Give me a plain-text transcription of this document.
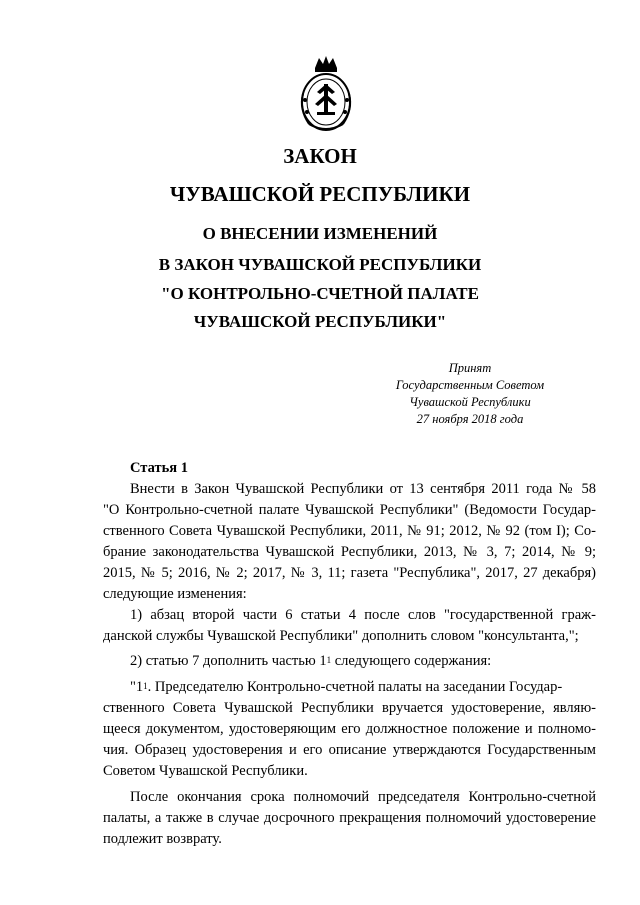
ЗАКОН
ЧУВАШСКОЙ РЕСПУБЛИКИ
О ВНЕСЕНИИ ИЗМЕНЕНИЙ
В ЗАКОН ЧУВАШСКОЙ РЕСПУБЛИКИ
"О КОНТРОЛЬНО-СЧЕТНОЙ ПАЛАТЕ
ЧУВАШСКОЙ РЕСПУБЛИКИ"
Принят
Государственным Советом
Чувашской Республики
27 ноября 2018 года
Статья 1
Внести в Закон Чувашской Республики от 13 сентября 2011 года № 58
"О Контрольно-счетной палате Чувашской Республики" (Ведомости Государ-
ственного Совета Чувашской Республики, 2011, № 91; 2012, № 92 (том I); Со-
брание законодательства Чувашской Республики, 2013, № 3, 7; 2014, № 9;
2015, № 5; 2016, № 2; 2017, № 3, 11; газета "Республика", 2017, 27 декабря)
следующие изменения:
1) абзац второй части 6 статьи 4 после слов "государственной граж-
данской службы Чувашской Республики" дополнить словом "консультанта,";
2) статью 7 дополнить частью $1^1$ следующего содержания:
"$1^1$. Председателю Контрольно-счетной палаты на заседании Государ-
ственного Совета Чувашской Республики вручается удостоверение, являю-
щееся документом, удостоверяющим его должностное положение и полномо-
чия. Образец удостоверения и его описание утверждаются Государственным
Советом Чувашской Республики.
После окончания срока полномочий председателя Контрольно-счетной
палаты, а также в случае досрочного прекращения полномочий удостоверение
подлежит возврату.
